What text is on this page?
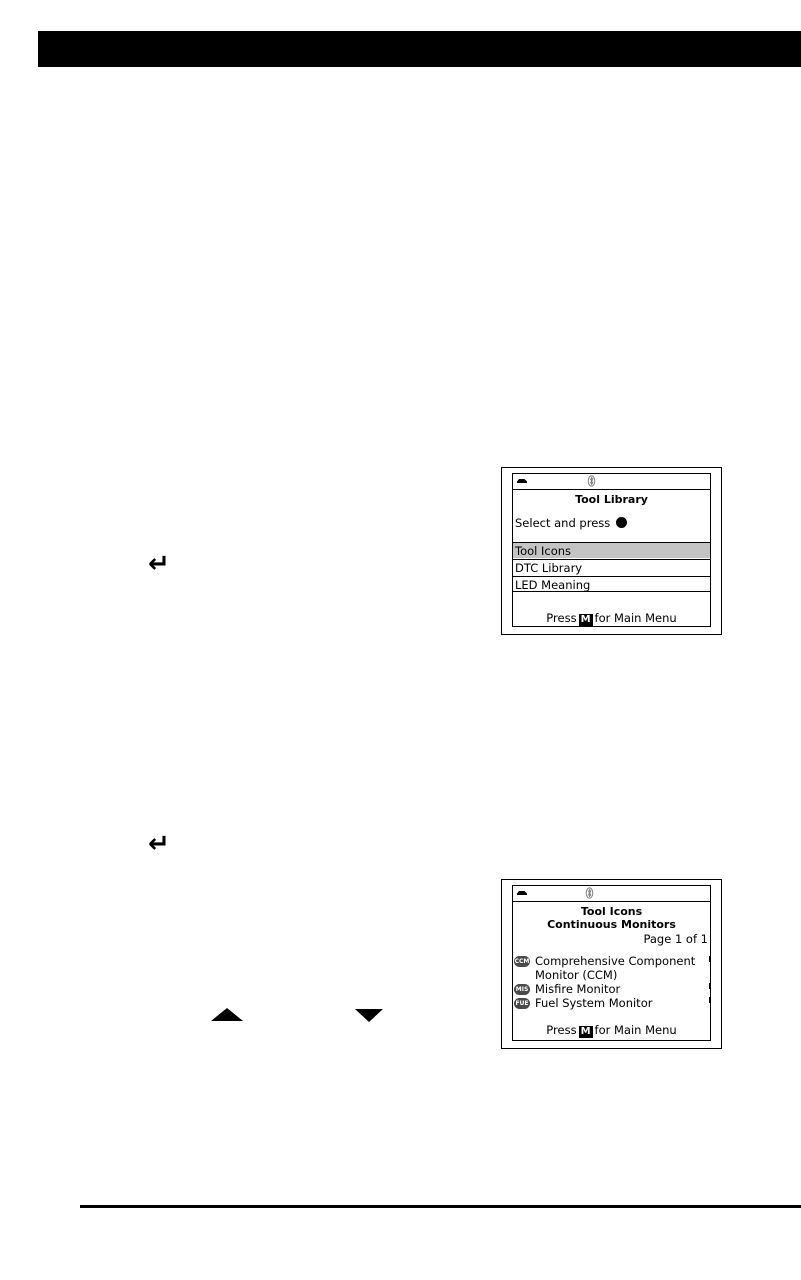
↵
↵
Tool Library
Select and press
Tool Icons
DTC Library
LED Meaning
Press M for Main Menu
Tool Icons
Continuous Monitors
Page 1 of 1
CCM Comprehensive Component
Monitor (CCM)
MIS Misfire Monitor
FUE Fuel System Monitor
Press M for Main Menu
